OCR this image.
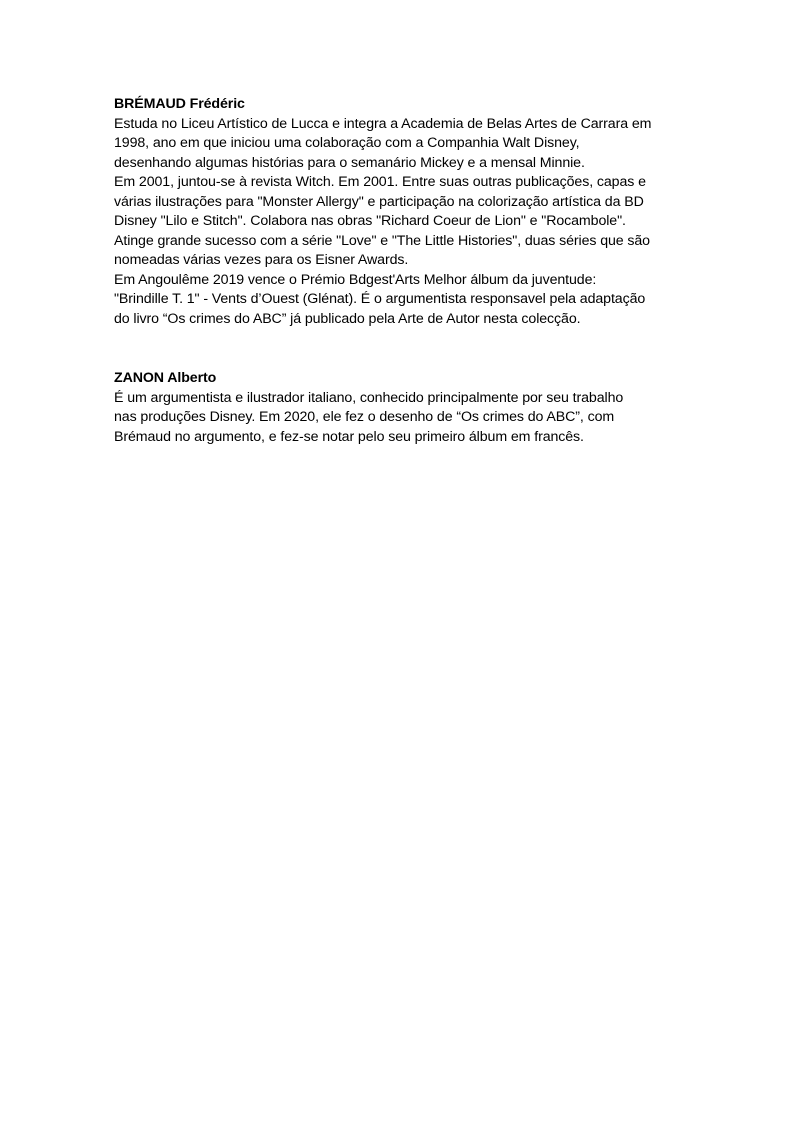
BRÉMAUD Frédéric
Estuda no Liceu Artístico de Lucca e integra a Academia de Belas Artes de Carrara em
1998, ano em que iniciou uma colaboração com a Companhia Walt Disney,
desenhando algumas histórias para o semanário Mickey e a mensal Minnie.
Em 2001, juntou-se à revista Witch. Em 2001. Entre suas outras publicações, capas e
várias ilustrações para "Monster Allergy" e participação na colorização artística da BD
Disney "Lilo e Stitch". Colabora nas obras "Richard Coeur de Lion" e "Rocambole".
Atinge grande sucesso com a série "Love" e "The Little Histories", duas séries que são
nomeadas várias vezes para os Eisner Awards.
Em Angoulême 2019 vence o Prémio Bdgest'Arts Melhor álbum da juventude:
"Brindille T. 1" - Vents d’Ouest (Glénat). É o argumentista responsavel pela adaptação
do livro “Os crimes do ABC” já publicado pela Arte de Autor nesta colecção.
ZANON Alberto
É um argumentista e ilustrador italiano, conhecido principalmente por seu trabalho
nas produções Disney. Em 2020, ele fez o desenho de “Os crimes do ABC”, com
Brémaud no argumento, e fez-se notar pelo seu primeiro álbum em francês.
